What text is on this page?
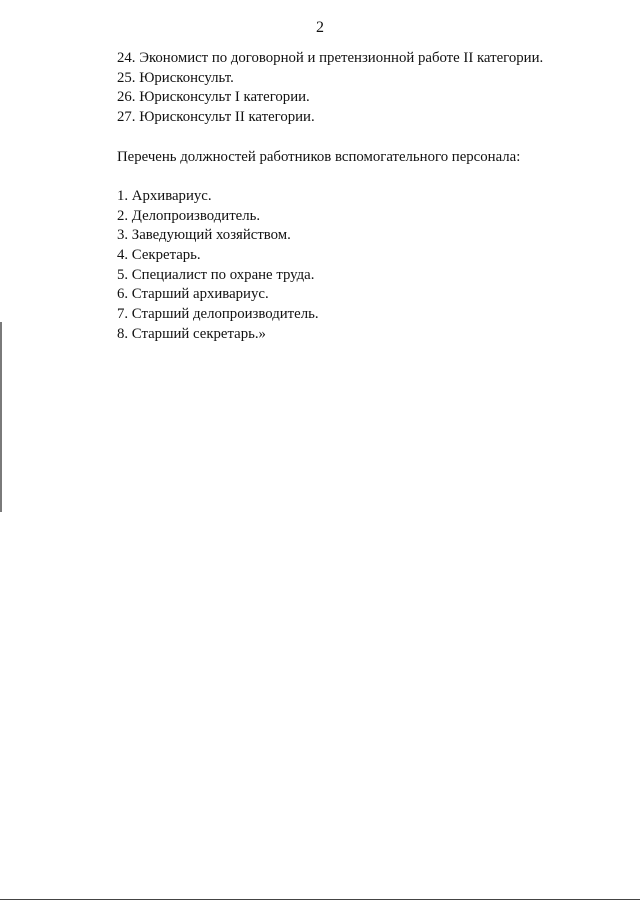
2
24. Экономист по договорной и претензионной работе II категории.
25. Юрисконсульт.
26. Юрисконсульт I категории.
27. Юрисконсульт II категории.
Перечень должностей работников вспомогательного персонала:
1. Архивариус.
2. Делопроизводитель.
3. Заведующий хозяйством.
4. Секретарь.
5. Специалист по охране труда.
6. Старший архивариус.
7. Старший делопроизводитель.
8. Старший секретарь.»
